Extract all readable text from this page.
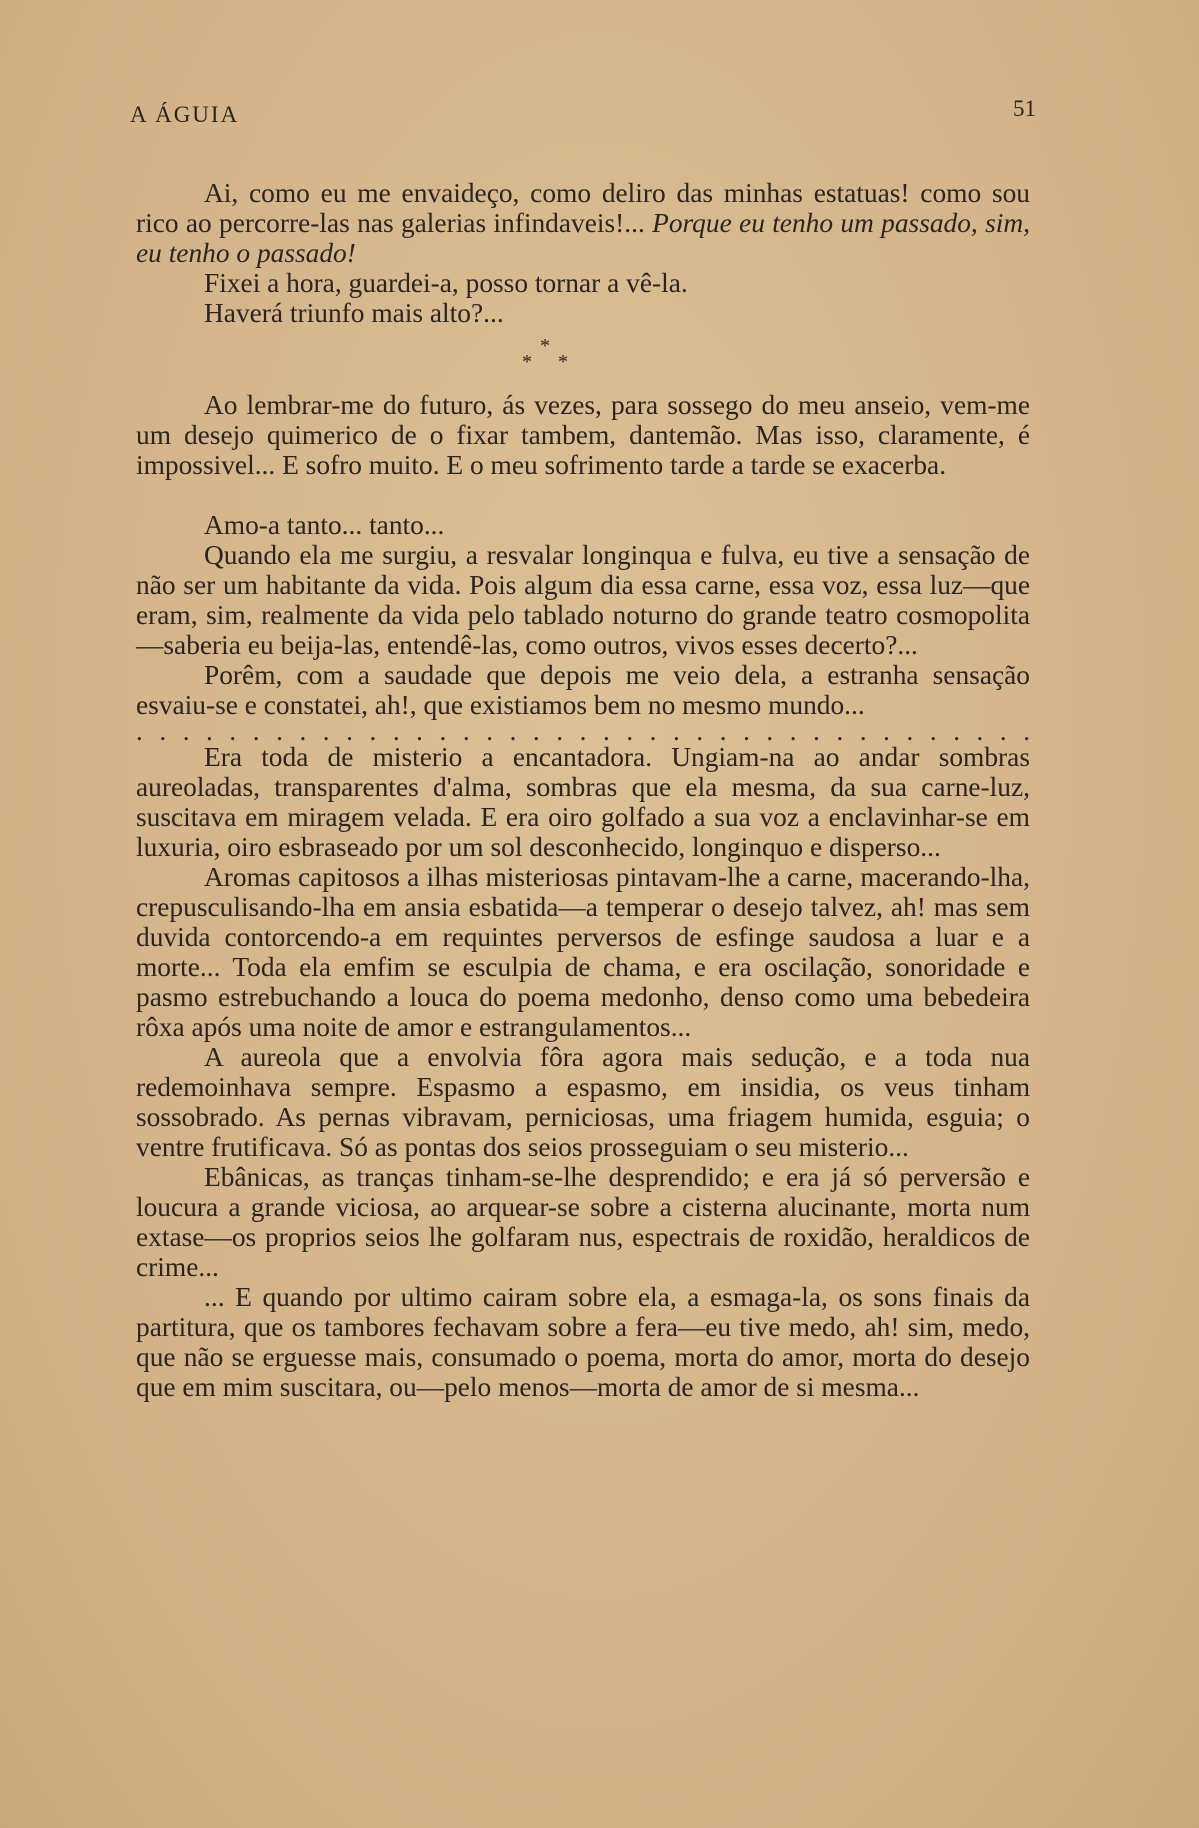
A ÁGUIA	51

Ai, como eu me envaideço, como deliro das minhas estatuas! como sou rico ao percorre-las nas galerias infindaveis!... Porque eu tenho um passado, sim, eu tenho o passado!

Fixei a hora, guardei-a, posso tornar a vê-la.

Haverá triunfo mais alto?...

*
* *

Ao lembrar-me do futuro, ás vezes, para sossego do meu anseio, vem-me um desejo quimerico de o fixar tambem, dantemão. Mas isso, claramente, é impossivel... E sofro muito. E o meu sofrimento tarde a tarde se exacerba.

Amo-a tanto... tanto...

Quando ela me surgiu, a resvalar longinqua e fulva, eu tive a sensação de não ser um habitante da vida. Pois algum dia essa carne, essa voz, essa luz—que eram, sim, realmente da vida pelo tablado noturno do grande teatro cosmopolita—saberia eu beija-las, entendê-las, como outros, vivos esses decerto?...

Porêm, com a saudade que depois me veio dela, a estranha sensação esvaiu-se e constatei, ah!, que existiamos bem no mesmo mundo...

. . . . . . . . . . . . . . . . . . . . . . . . . . . . . . . . . . . . . . .

Era toda de misterio a encantadora. Ungiam-na ao andar sombras aureoladas, transparentes d'alma, sombras que ela mesma, da sua carne-luz, suscitava em miragem velada. E era oiro golfado a sua voz a enclavinhar-se em luxuria, oiro esbraseado por um sol desconhecido, longinquo e disperso...

Aromas capitosos a ilhas misteriosas pintavam-lhe a carne, macerando-lha, crepusculisando-lha em ansia esbatida—a temperar o desejo talvez, ah! mas sem duvida contorcendo-a em requintes perversos de esfinge saudosa a luar e a morte... Toda ela emfim se esculpia de chama, e era oscilação, sonoridade e pasmo estrebuchando a louca do poema medonho, denso como uma bebedeira rôxa após uma noite de amor e estrangulamentos...

A aureola que a envolvia fôra agora mais sedução, e a toda nua redemoinhava sempre. Espasmo a espasmo, em insidia, os veus tinham sossobrado. As pernas vibravam, perniciosas, uma friagem humida, esguia; o ventre frutificava. Só as pontas dos seios prosseguiam o seu misterio...

Ebânicas, as tranças tinham-se-lhe desprendido; e era já só perversão e loucura a grande viciosa, ao arquear-se sobre a cisterna alucinante, morta num extase—os proprios seios lhe golfaram nus, espectrais de roxidão, heraldicos de crime...

... E quando por ultimo cairam sobre ela, a esmaga-la, os sons finais da partitura, que os tambores fechavam sobre a fera—eu tive medo, ah! sim, medo, que não se erguesse mais, consumado o poema, morta do amor, morta do desejo que em mim suscitara, ou—pelo menos—morta de amor de si mesma...
